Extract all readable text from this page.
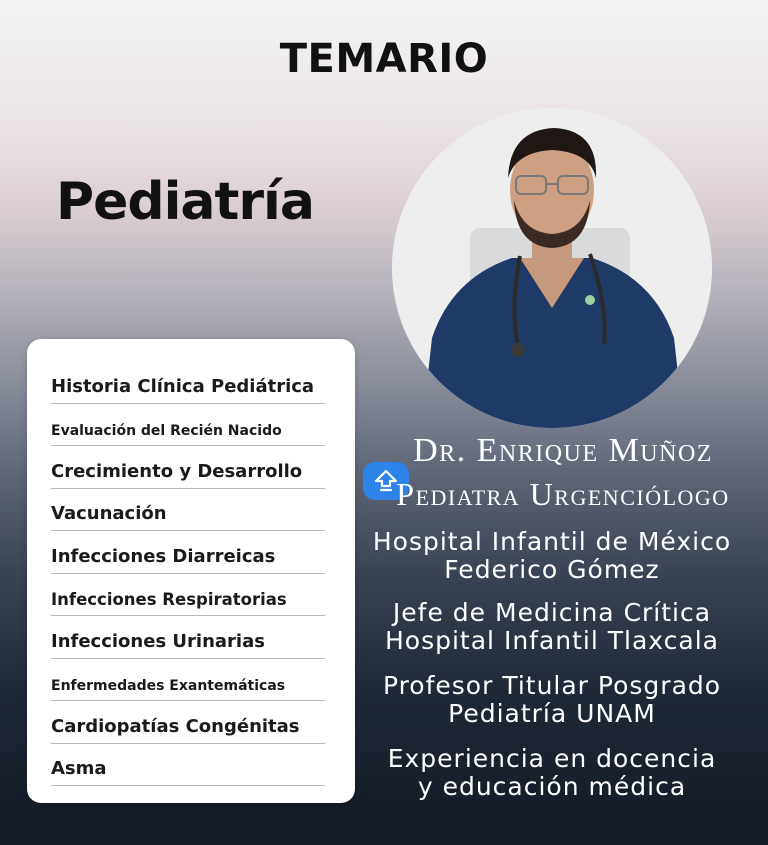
TEMARIO
Pediatría
Historia Clínica Pediátrica
Evaluación del Recién Nacido
Crecimiento y Desarrollo
Vacunación
Infecciones Diarreicas
Infecciones Respiratorias
Infecciones Urinarias
Enfermedades Exantemáticas
Cardiopatías Congénitas
Asma
Dr. Enrique Muñoz
Pediatra Urgenciólogo
Hospital Infantil de México
Federico Gómez
Jefe de Medicina Crítica
Hospital Infantil Tlaxcala
Profesor Titular Posgrado
Pediatría UNAM
Experiencia en docencia
y educación médica
